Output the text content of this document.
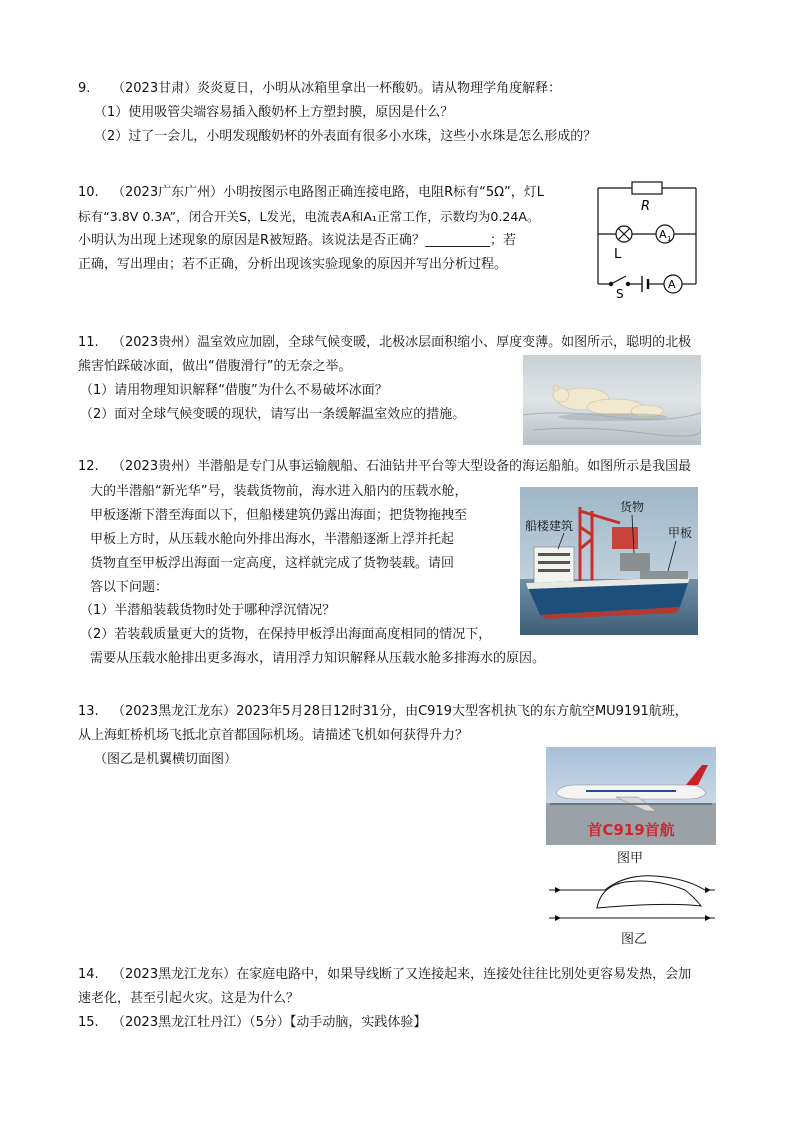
9. （2023甘肃）炎炎夏日，小明从冰箱里拿出一杯酸奶。请从物理学角度解释：
（1）使用吸管尖端容易插入酸奶杯上方塑封膜，原因是什么？
（2）过了一会儿，小明发现酸奶杯的外表面有很多小水珠，这些小水珠是怎么形成的？
10. （2023广东广州）小明按图示电路图正确连接电路，电阻R标有“5Ω”，灯L
标有“3.8V 0.3A”，闭合开关S，L发光，电流表A和A₁正常工作，示数均为0.24A。
小明认为出现上述现象的原因是R被短路。该说法是否正确？__________；若
正确，写出理由；若不正确，分析出现该实验现象的原因并写出分析过程。
R
L
A 1
A
S
11. （2023贵州）温室效应加剧，全球气候变暖，北极冰层面积缩小、厚度变薄。如图所示，聪明的北极
熊害怕踩破冰面，做出“借腹滑行”的无奈之举。
（1）请用物理知识解释“借腹”为什么不易破坏冰面？
（2）面对全球气候变暖的现状，请写出一条缓解温室效应的措施。
12. （2023贵州）半潜船是专门从事运输舰船、石油钻井平台等大型设备的海运船舶。如图所示是我国最
大的半潜船“新光华”号，装载货物前，海水进入船内的压载水舱，
甲板逐渐下潜至海面以下，但船楼建筑仍露出海面；把货物拖拽至
甲板上方时，从压载水舱向外排出海水，半潜船逐渐上浮并托起
货物直至甲板浮出海面一定高度，这样就完成了货物装载。请回
答以下问题：
（1）半潜船装载货物时处于哪种浮沉情况？
（2）若装载质量更大的货物，在保持甲板浮出海面高度相同的情况下，
需要从压载水舱排出更多海水，请用浮力知识解释从压载水舱多排海水的原因。
船楼建筑
货物
甲板
13. （2023黑龙江龙东）2023年5月28日12时31分，由C919大型客机执飞的东方航空MU9191航班，
从上海虹桥机场飞抵北京首都国际机场。请描述飞机如何获得升力？
（图乙是机翼横切面图）
首C919首航
图甲
图乙
14. （2023黑龙江龙东）在家庭电路中，如果导线断了又连接起来，连接处往往比别处更容易发热，会加
速老化，甚至引起火灾。这是为什么？
15. （2023黑龙江牡丹江）（5分）【动手动脑，实践体验】
